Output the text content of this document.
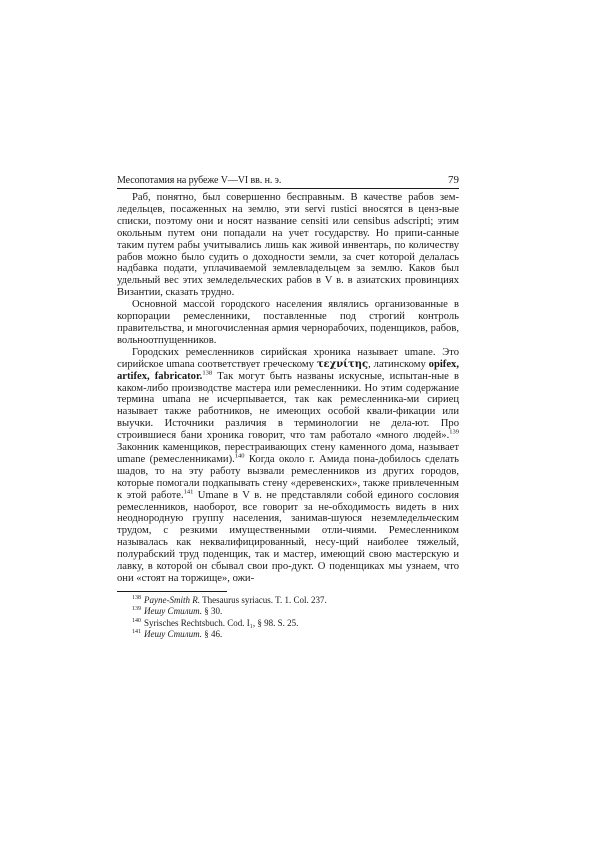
Месопотамия на рубеже V—VI вв. н. э.	79

Раб, понятно, был совершенно бесправным. В качестве рабов зем-ледельцев, посаженных на землю, эти servi rustici вносятся в ценз-вые списки, поэтому они и носят название censiti или censibus adscripti; этим окольным путем они попадали на учет государству. Но припи-санные таким путем рабы учитывались лишь как живой инвентарь, по количеству рабов можно было судить о доходности земли, за счет которой делалась надбавка подати, уплачиваемой землевладельцем за землю. Каков был удельный вес этих земледельческих рабов в V в. в азиатских провинциях Византии, сказать трудно.

Основной массой городского населения являлись организованные в корпорации ремесленники, поставленные под строгий контроль правительства, и многочисленная армия чернорабочих, поденщиков, рабов, вольноотпущенников.

Городских ремесленников сирийская хроника называет umane. Это сирийское umana соответствует греческому τεχνίτης, латинскому opifex, artifex, fabricator.$^{138}$ Так могут быть названы искусные, испытан-ные в каком-либо производстве мастера или ремесленники. Но этим содержание термина umana не исчерпывается, так как ремесленника-ми сириец называет также работников, не имеющих особой квали-фикации или выучки. Источники различия в терминологии не дела-ют. Про строившиеся бани хроника говорит, что там работало «много людей».$^{139}$ Законник каменщиков, перестраивающих стену каменного дома, называет umane (ремесленниками).$^{140}$ Когда около г. Амида пона-добилось сделать шадов, то на эту работу вызвали ремесленников из других городов, которые помогали подкапывать стену «деревенских», также привлеченным к этой работе.$^{141}$ Umane в V в. не представляли собой единого сословия ремесленников, наоборот, все говорит за не-обходимость видеть в них неоднородную группу населения, занимав-шуюся неземледельческим трудом, с резкими имущественными отли-чиями. Ремесленником называлась как неквалифицированный, несу-щий наиболее тяжелый, полурабский труд поденщик, так и мастер, имеющий свою мастерскую и лавку, в которой он сбывал свои про-дукт. О поденщиках мы узнаем, что они «стоят на торжище», ожи-

$^{138}$ Payne-Smith R. Thesaurus syriacus. T. 1. Col. 237.
$^{139}$ Иешу Стилит. § 30.
$^{140}$ Syrisches Rechtsbuch. Cod. I₁, § 98. S. 25.
$^{141}$ Иешу Стилит. § 46.
